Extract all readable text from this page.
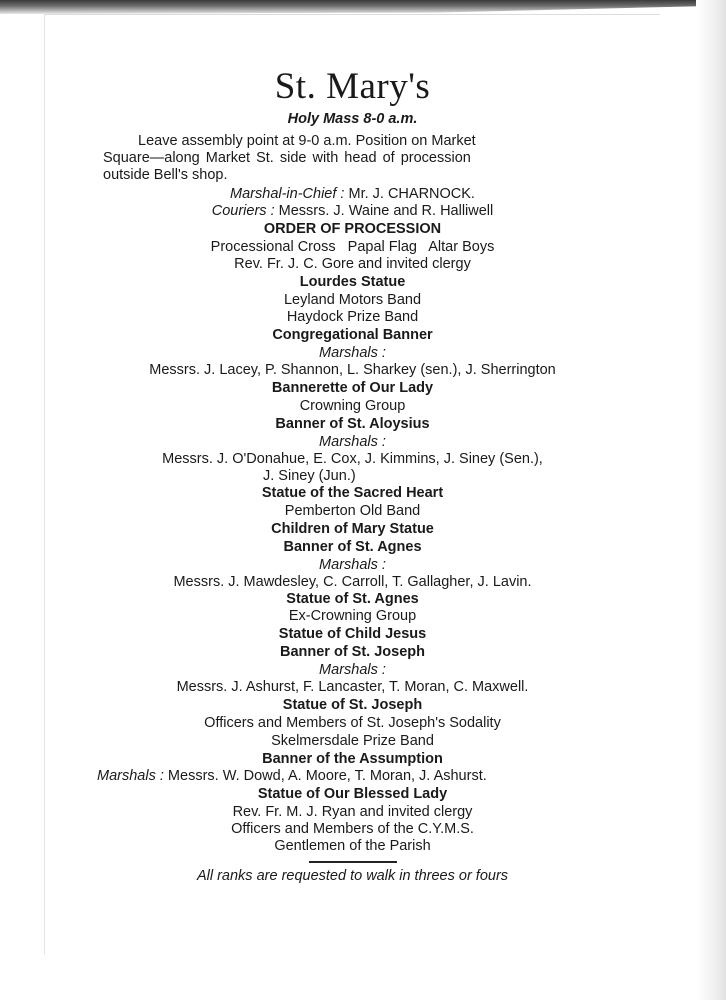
St. Mary's
Holy Mass 8-0 a.m.
Leave assembly point at 9-0 a.m. Position on Market
Square—along Market St. side with head of procession
outside Bell's shop.
Marshal-in-Chief : Mr. J. CHARNOCK.
Couriers : Messrs. J. Waine and R. Halliwell
ORDER OF PROCESSION
Processional Cross   Papal Flag   Altar Boys
Rev. Fr. J. C. Gore and invited clergy
Lourdes Statue
Leyland Motors Band
Haydock Prize Band
Congregational Banner
Marshals :
Messrs. J. Lacey, P. Shannon, L. Sharkey (sen.), J. Sherrington
Bannerette of Our Lady
Crowning Group
Banner of St. Aloysius
Marshals :
Messrs. J. O'Donahue, E. Cox, J. Kimmins, J. Siney (Sen.),
J. Siney (Jun.)
Statue of the Sacred Heart
Pemberton Old Band
Children of Mary Statue
Banner of St. Agnes
Marshals :
Messrs. J. Mawdesley, C. Carroll, T. Gallagher, J. Lavin.
Statue of St. Agnes
Ex-Crowning Group
Statue of Child Jesus
Banner of St. Joseph
Marshals :
Messrs. J. Ashurst, F. Lancaster, T. Moran, C. Maxwell.
Statue of St. Joseph
Officers and Members of St. Joseph's Sodality
Skelmersdale Prize Band
Banner of the Assumption
Marshals : Messrs. W. Dowd, A. Moore, T. Moran, J. Ashurst.
Statue of Our Blessed Lady
Rev. Fr. M. J. Ryan and invited clergy
Officers and Members of the C.Y.M.S.
Gentlemen of the Parish
All ranks are requested to walk in threes or fours
